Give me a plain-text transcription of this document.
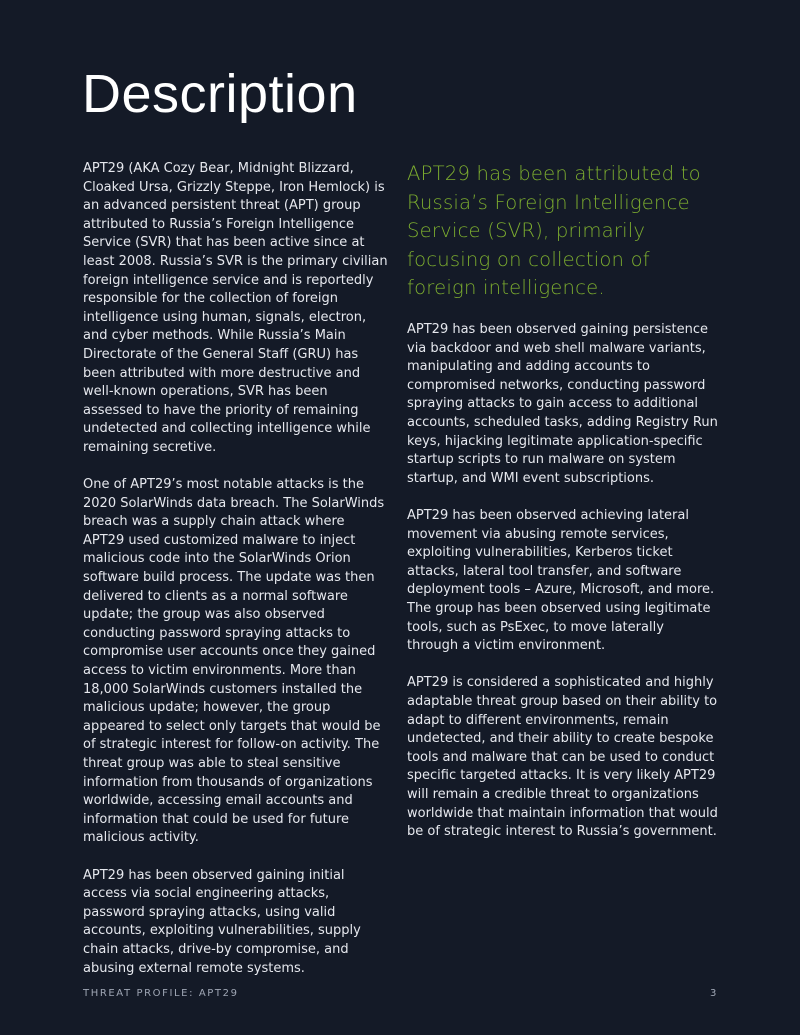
Description

APT29 (AKA Cozy Bear, Midnight Blizzard, Cloaked Ursa, Grizzly Steppe, Iron Hemlock) is an advanced persistent threat (APT) group attributed to Russia’s Foreign Intelligence Service (SVR) that has been active since at least 2008. Russia’s SVR is the primary civilian foreign intelligence service and is reportedly responsible for the collection of foreign intelligence using human, signals, electron, and cyber methods. While Russia’s Main Directorate of the General Staff (GRU) has been attributed with more destructive and well-known operations, SVR has been assessed to have the priority of remaining undetected and collecting intelligence while remaining secretive.

One of APT29’s most notable attacks is the 2020 SolarWinds data breach. The SolarWinds breach was a supply chain attack where APT29 used customized malware to inject malicious code into the SolarWinds Orion software build process. The update was then delivered to clients as a normal software update; the group was also observed conducting password spraying attacks to compromise user accounts once they gained access to victim environments. More than 18,000 SolarWinds customers installed the malicious update; however, the group appeared to select only targets that would be of strategic interest for follow-on activity. The threat group was able to steal sensitive information from thousands of organizations worldwide, accessing email accounts and information that could be used for future malicious activity.

APT29 has been observed gaining initial access via social engineering attacks, password spraying attacks, using valid accounts, exploiting vulnerabilities, supply chain attacks, drive-by compromise, and abusing external remote systems.

APT29 has been attributed to Russia’s Foreign Intelligence Service (SVR), primarily focusing on collection of foreign intelligence.

APT29 has been observed gaining persistence via backdoor and web shell malware variants, manipulating and adding accounts to compromised networks, conducting password spraying attacks to gain access to additional accounts, scheduled tasks, adding Registry Run keys, hijacking legitimate application-specific startup scripts to run malware on system startup, and WMI event subscriptions.

APT29 has been observed achieving lateral movement via abusing remote services, exploiting vulnerabilities, Kerberos ticket attacks, lateral tool transfer, and software deployment tools – Azure, Microsoft, and more. The group has been observed using legitimate tools, such as PsExec, to move laterally through a victim environment.

APT29 is considered a sophisticated and highly adaptable threat group based on their ability to adapt to different environments, remain undetected, and their ability to create bespoke tools and malware that can be used to conduct specific targeted attacks. It is very likely APT29 will remain a credible threat to organizations worldwide that maintain information that would be of strategic interest to Russia’s government.

THREAT PROFILE: APT29	3
